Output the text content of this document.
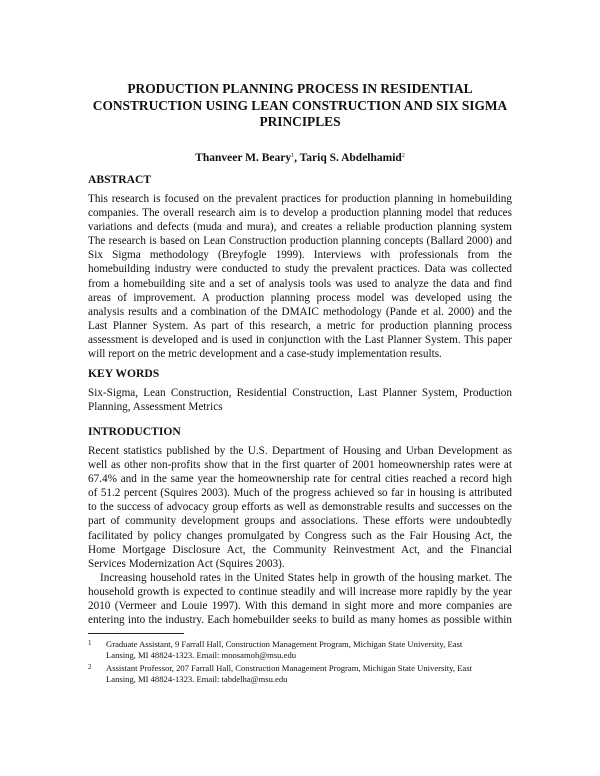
PRODUCTION PLANNING PROCESS IN RESIDENTIAL
CONSTRUCTION USING LEAN CONSTRUCTION AND SIX SIGMA
PRINCIPLES
Thanveer M. Beary$^1$, Tariq S. Abdelhamid$^2$
ABSTRACT
This research is focused on the prevalent practices for production planning in homebuilding
companies. The overall research aim is to develop a production planning model that reduces
variations and defects (muda and mura), and creates a reliable production planning system
The research is based on Lean Construction production planning concepts (Ballard 2000) and
Six Sigma methodology (Breyfogle 1999). Interviews with professionals from the
homebuilding industry were conducted to study the prevalent practices. Data was collected
from a homebuilding site and a set of analysis tools was used to analyze the data and find
areas of improvement. A production planning process model was developed using the
analysis results and a combination of the DMAIC methodology (Pande et al. 2000) and the
Last Planner System. As part of this research, a metric for production planning process
assessment is developed and is used in conjunction with the Last Planner System. This paper
will report on the metric development and a case-study implementation results.
KEY WORDS
Six-Sigma, Lean Construction, Residential Construction, Last Planner System, Production
Planning, Assessment Metrics
INTRODUCTION
Recent statistics published by the U.S. Department of Housing and Urban Development as
well as other non-profits show that in the first quarter of 2001 homeownership rates were at
67.4% and in the same year the homeownership rate for central cities reached a record high
of 51.2 percent (Squires 2003). Much of the progress achieved so far in housing is attributed
to the success of advocacy group efforts as well as demonstrable results and successes on the
part of community development groups and associations. These efforts were undoubtedly
facilitated by policy changes promulgated by Congress such as the Fair Housing Act, the
Home Mortgage Disclosure Act, the Community Reinvestment Act, and the Financial
Services Modernization Act (Squires 2003).
Increasing household rates in the United States help in growth of the housing market. The
household growth is expected to continue steadily and will increase more rapidly by the year
2010 (Vermeer and Louie 1997). With this demand in sight more and more companies are
entering into the industry. Each homebuilder seeks to build as many homes as possible within
1 Graduate Assistant, 9 Farrall Hall, Construction Management Program, Michigan State University, East
Lansing, MI 48824-1323. Email: moosamoh@msu.edu
2 Assistant Professor, 207 Farrall Hall, Construction Management Program, Michigan State University, East
Lansing, MI 48824-1323. Email: tabdelha@msu.edu
